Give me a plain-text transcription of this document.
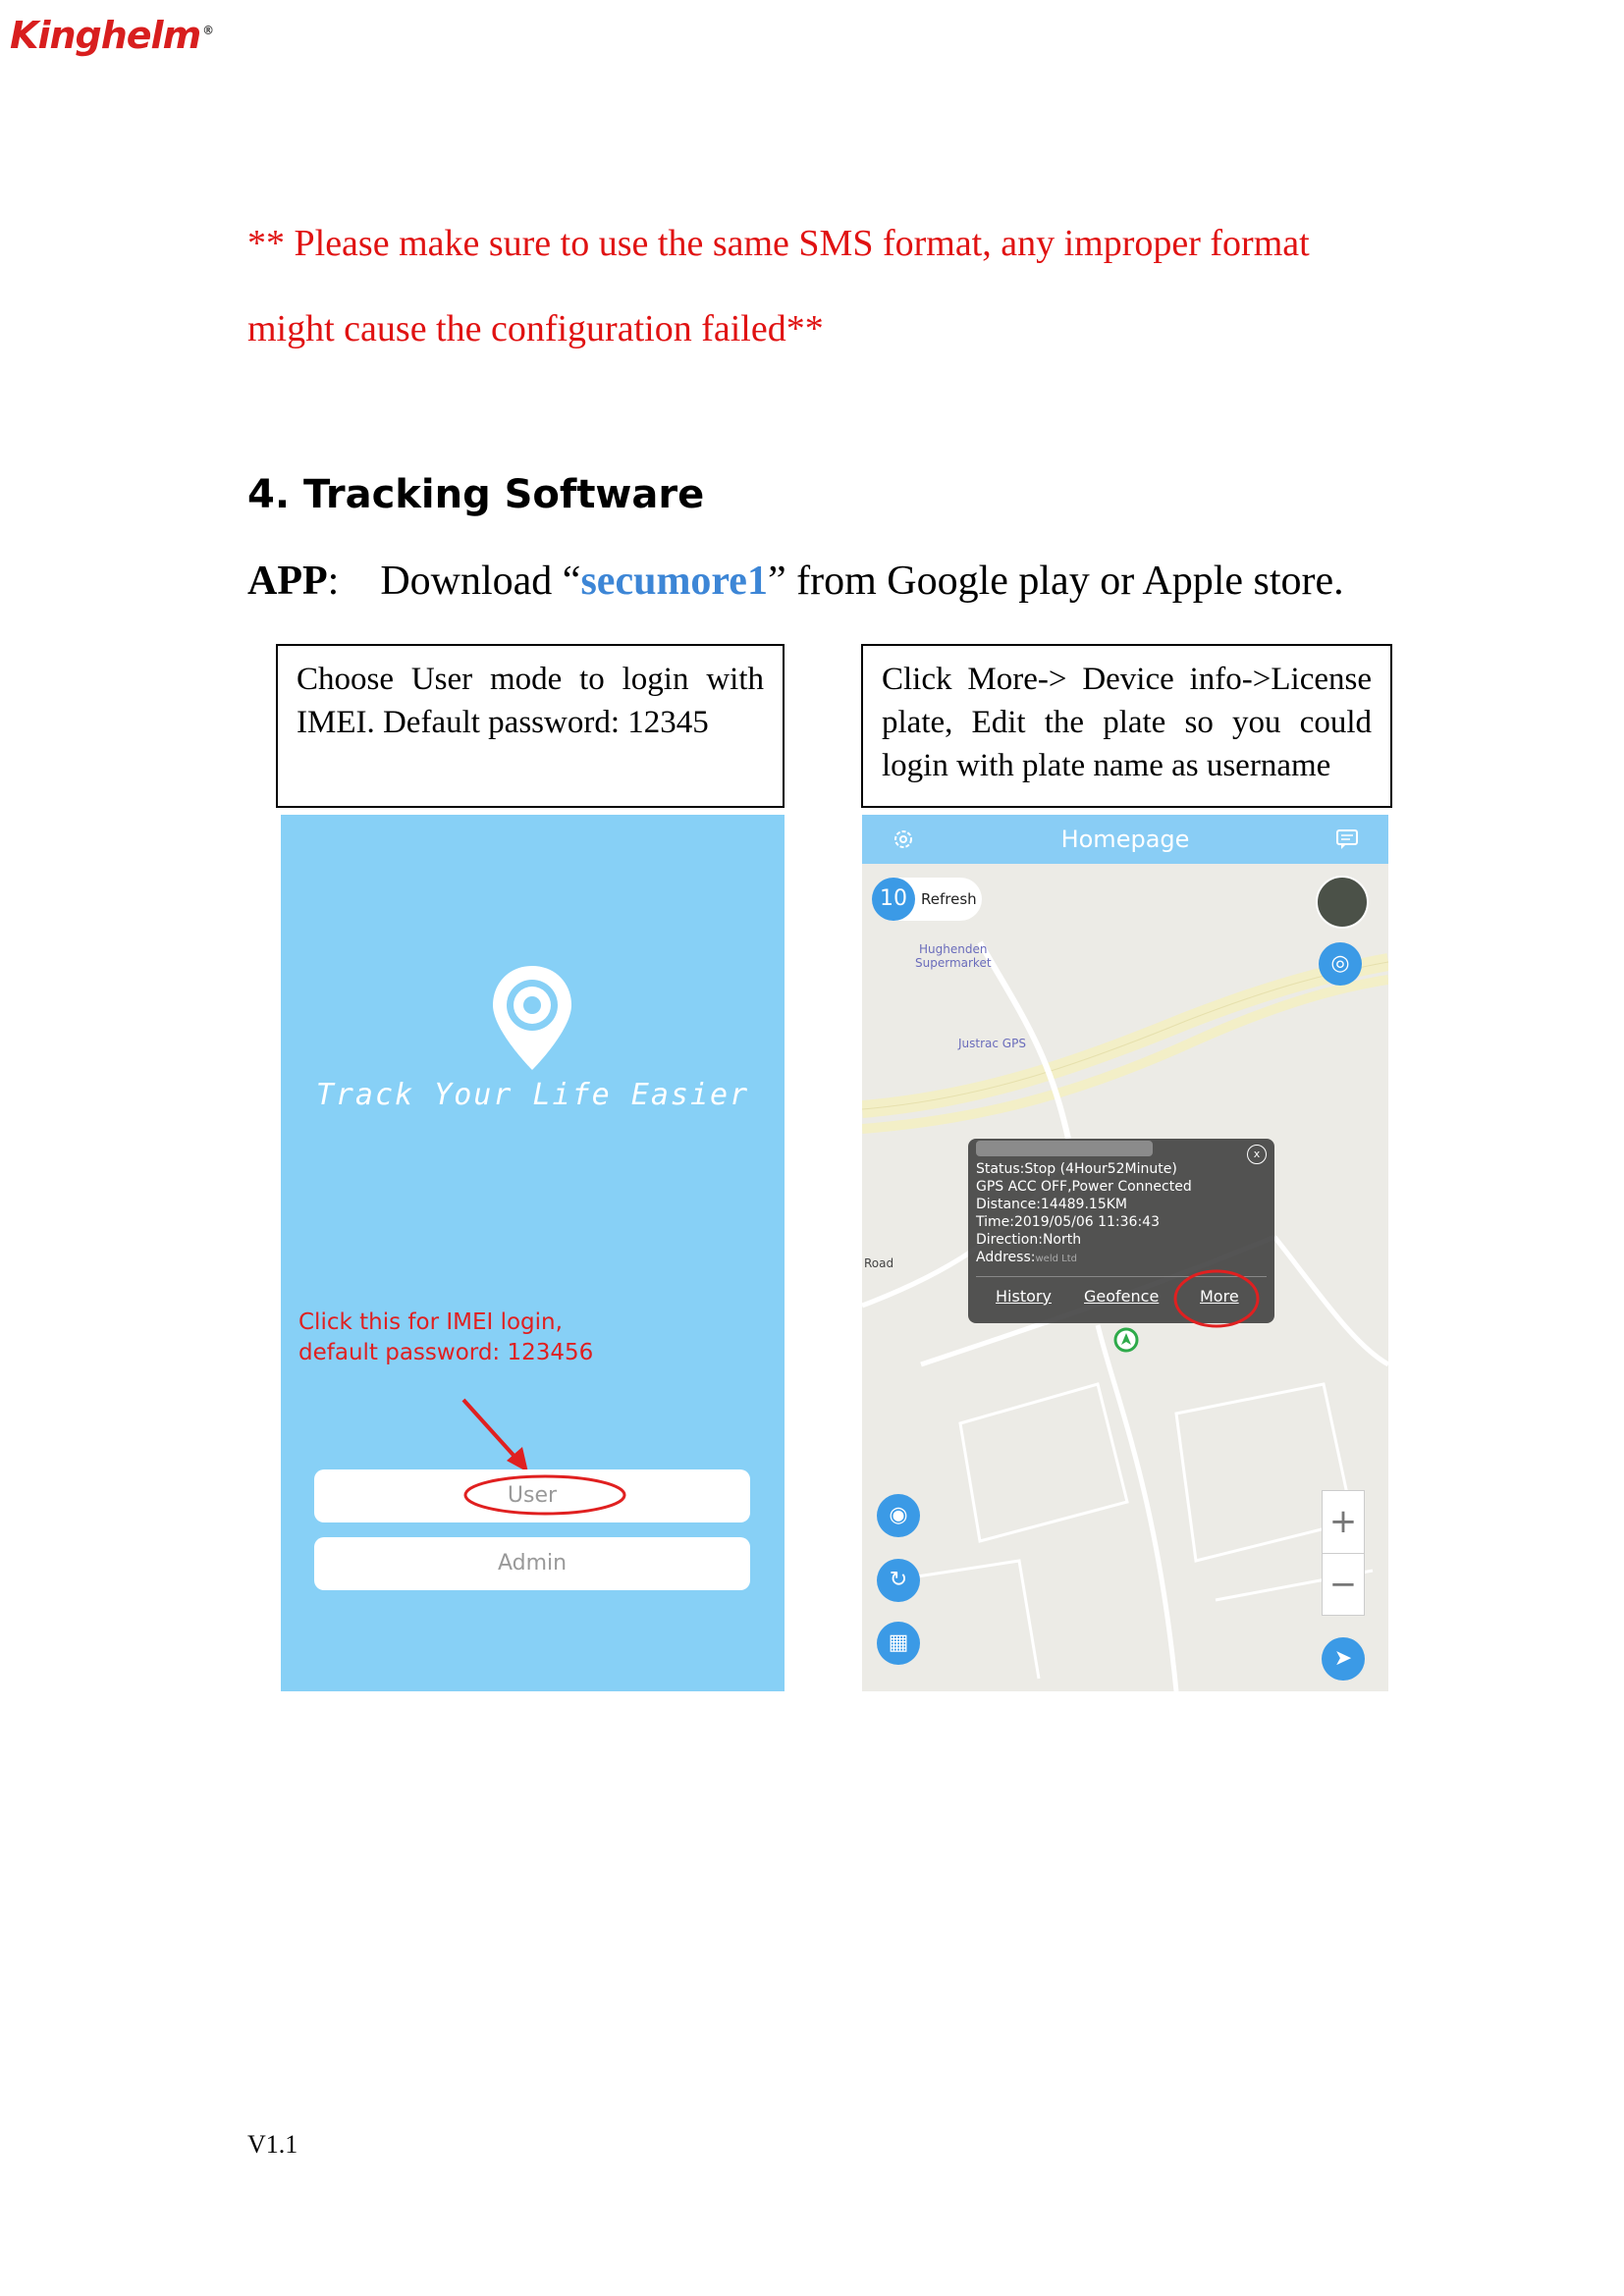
Kinghelm ®
** Please make sure to use the same SMS format, any improper format
might cause the configuration failed**
4. Tracking Software
APP: Download “secumore1” from Google play or Apple store.
Choose User mode to login with IMEI. Default password: 12345
Click More-> Device info->License plate, Edit the plate so you could login with plate name as username
Track Your Life Easier
Click this for IMEI login,
default password: 123456
User
Admin
Homepage
10 Refresh
◎
Hughenden
Supermarket
Justrac GPS
Road
x
Status:Stop (4Hour52Minute)
GPS ACC OFF,Power Connected
Distance:14489.15KM
Time:2019/05/06 11:36:43
Direction:North
Address:weld Ltd
History Geofence	More
◉
↻
▦
+
−
➤
V1.1
